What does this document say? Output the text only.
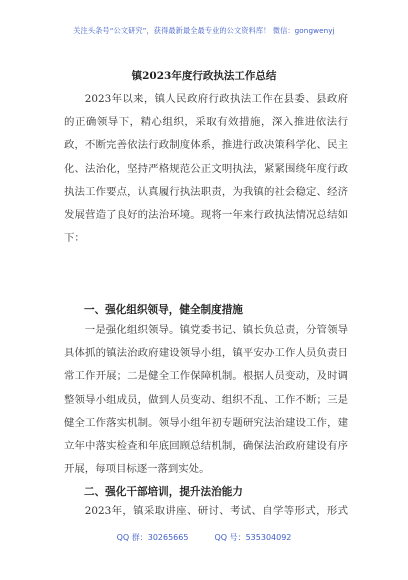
关注头条号“公文研究”，获得最新最全最专业的公文资料库！ 微信：gongwenyj
镇2023年度行政执法工作总结

2023年以来，镇人民政府行政执法工作在县委、县政府的正确领导下，精心组织，采取有效措施，深入推进依法行政，不断完善依法行政制度体系，推进行政决策科学化、民主化、法治化，坚持严格规范公正文明执法，紧紧围绕年度行政执法工作要点，认真履行执法职责，为我镇的社会稳定、经济发展营造了良好的法治环境。现将一年来行政执法情况总结如下：

一、强化组织领导，健全制度措施

一是强化组织领导。镇党委书记、镇长负总责，分管领导具体抓的镇法治政府建设领导小组，镇平安办工作人员负责日常工作开展；二是健全工作保障机制。根据人员变动，及时调整领导小组成员，做到人员变动、组织不乱、工作不断；三是健全工作落实机制。领导小组年初专题研究法治建设工作，建立年中落实检查和年底回顾总结机制，确保法治政府建设有序开展，每项目标逐一落到实处。

二、强化干部培训，提升法治能力

2023年，镇采取讲座、研讨、考试、自学等形式，形式

QQ 群：30265665	QQ 号：535304092
